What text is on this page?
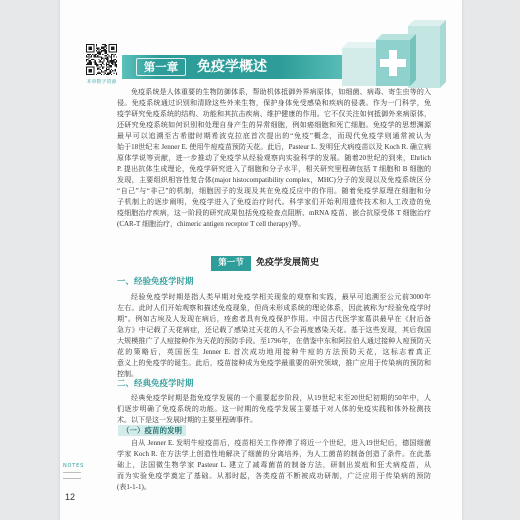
本章数字资源
第一章	免疫学概述
免疫系统是人体重要的生物防御体系，帮助机体抵御外界病原体，如细菌、病毒、寄生虫等的入
侵。免疫系统通过识别和清除这些外来生物，保护身体免受感染和疾病的侵袭。作为一门科学，免
疫学研究免疫系统的结构、功能和其抗击疾病、维护健康的作用。它不仅关注如何抵御外来病原体，
还研究免疫系统如何识别和处理自身产生的异常细胞，例如癌细胞和死亡细胞。免疫学的思想渊源
最早可以追溯至古希腊时期希波克拉底首次提出的“免疫”概念，而现代免疫学则通常被认为
始于18世纪末 Jenner E. 使用牛痘疫苗预防天花。此后，Pasteur L. 发明狂犬病疫苗以及 Koch R. 确立病
原体学说等贡献，进一步推动了免疫学从经验观察向实验科学的发展。随着20世纪的到来，Ehrlich
P. 提出抗体生成理论，免疫学研究进入了细胞和分子水平，相关研究里程碑包括 T 细胞和 B 细胞的
发现，主要组织相容性复合体(major histocompatibility complex，MHC)分子的发现以及免疫系统区分
“自己”与“非己”的机制，细胞因子的发现及其在免疫反应中的作用。随着免疫学原理在细胞和分
子机制上的逐步阐明，免疫学进入了免疫治疗时代。科学家们开始利用遗传技术和人工改造的免
疫细胞治疗疾病，这一阶段的研究成果包括免疫检查点阻断、mRNA 疫苗、嵌合抗原受体 T 细胞治疗
(CAR-T 细胞治疗，chimeric antigen receptor T cell therapy)等。
第一节	免疫学发展简史
一、经验免疫学时期
经验免疫学时期是指人类早期对免疫学相关现象的观察和实践，最早可追溯至公元前3000年
左右。此时人们开始观察和描述免疫现象，但尚未形成系统的理论体系，因此被称为“经验免疫学时
期”。例如古埃及人发现在病后，痊愈者具有免疫保护作用。中国古代医学家葛洪最早在《肘后备
急方》中记载了天花病症，还记载了感染过天花的人不会再度感染天花。基于这些发现，其后我国
大规模推广了人痘接种作为天花的预防手段。至1796年，在借鉴中东和阿拉伯人通过接种人痘预防天
花的策略后，英国医生 Jenner E. 首次成功地用接种牛痘的方法预防天花，这标志着真正
意义上的免疫学的诞生。此后，疫苗接种成为免疫学最重要的研究领域，推广应用于传染病的预防和
控制。
二、经典免疫学时期
经典免疫学时期是指免疫学发展的一个重要起步阶段，从19世纪末至20世纪初期的50年中，人
们逐步明确了免疫系统的功能。这一时期的免疫学发展主要基于对人体的免疫实践和体外检测技
术。以下是这一发展时期的主要里程碑事件。
（一）疫苗的发明
自从 Jenner E. 发明牛痘疫苗后，疫苗相关工作停滞了将近一个世纪，进入19世纪后，德国细菌
学家 Koch R. 在方法学上创造性地解决了细菌的分离培养，为人工菌苗的制备创造了条件。在此基
础上，法国微生物学家 Pasteur L. 建立了减毒菌苗的制备方法，研制出炭疽和狂犬病疫苗，从
而为实验免疫学奠定了基础。从那时起，各类疫苗不断被成功研制，广泛应用于传染病的预防
(表1-1-1)。
NOTES
12
